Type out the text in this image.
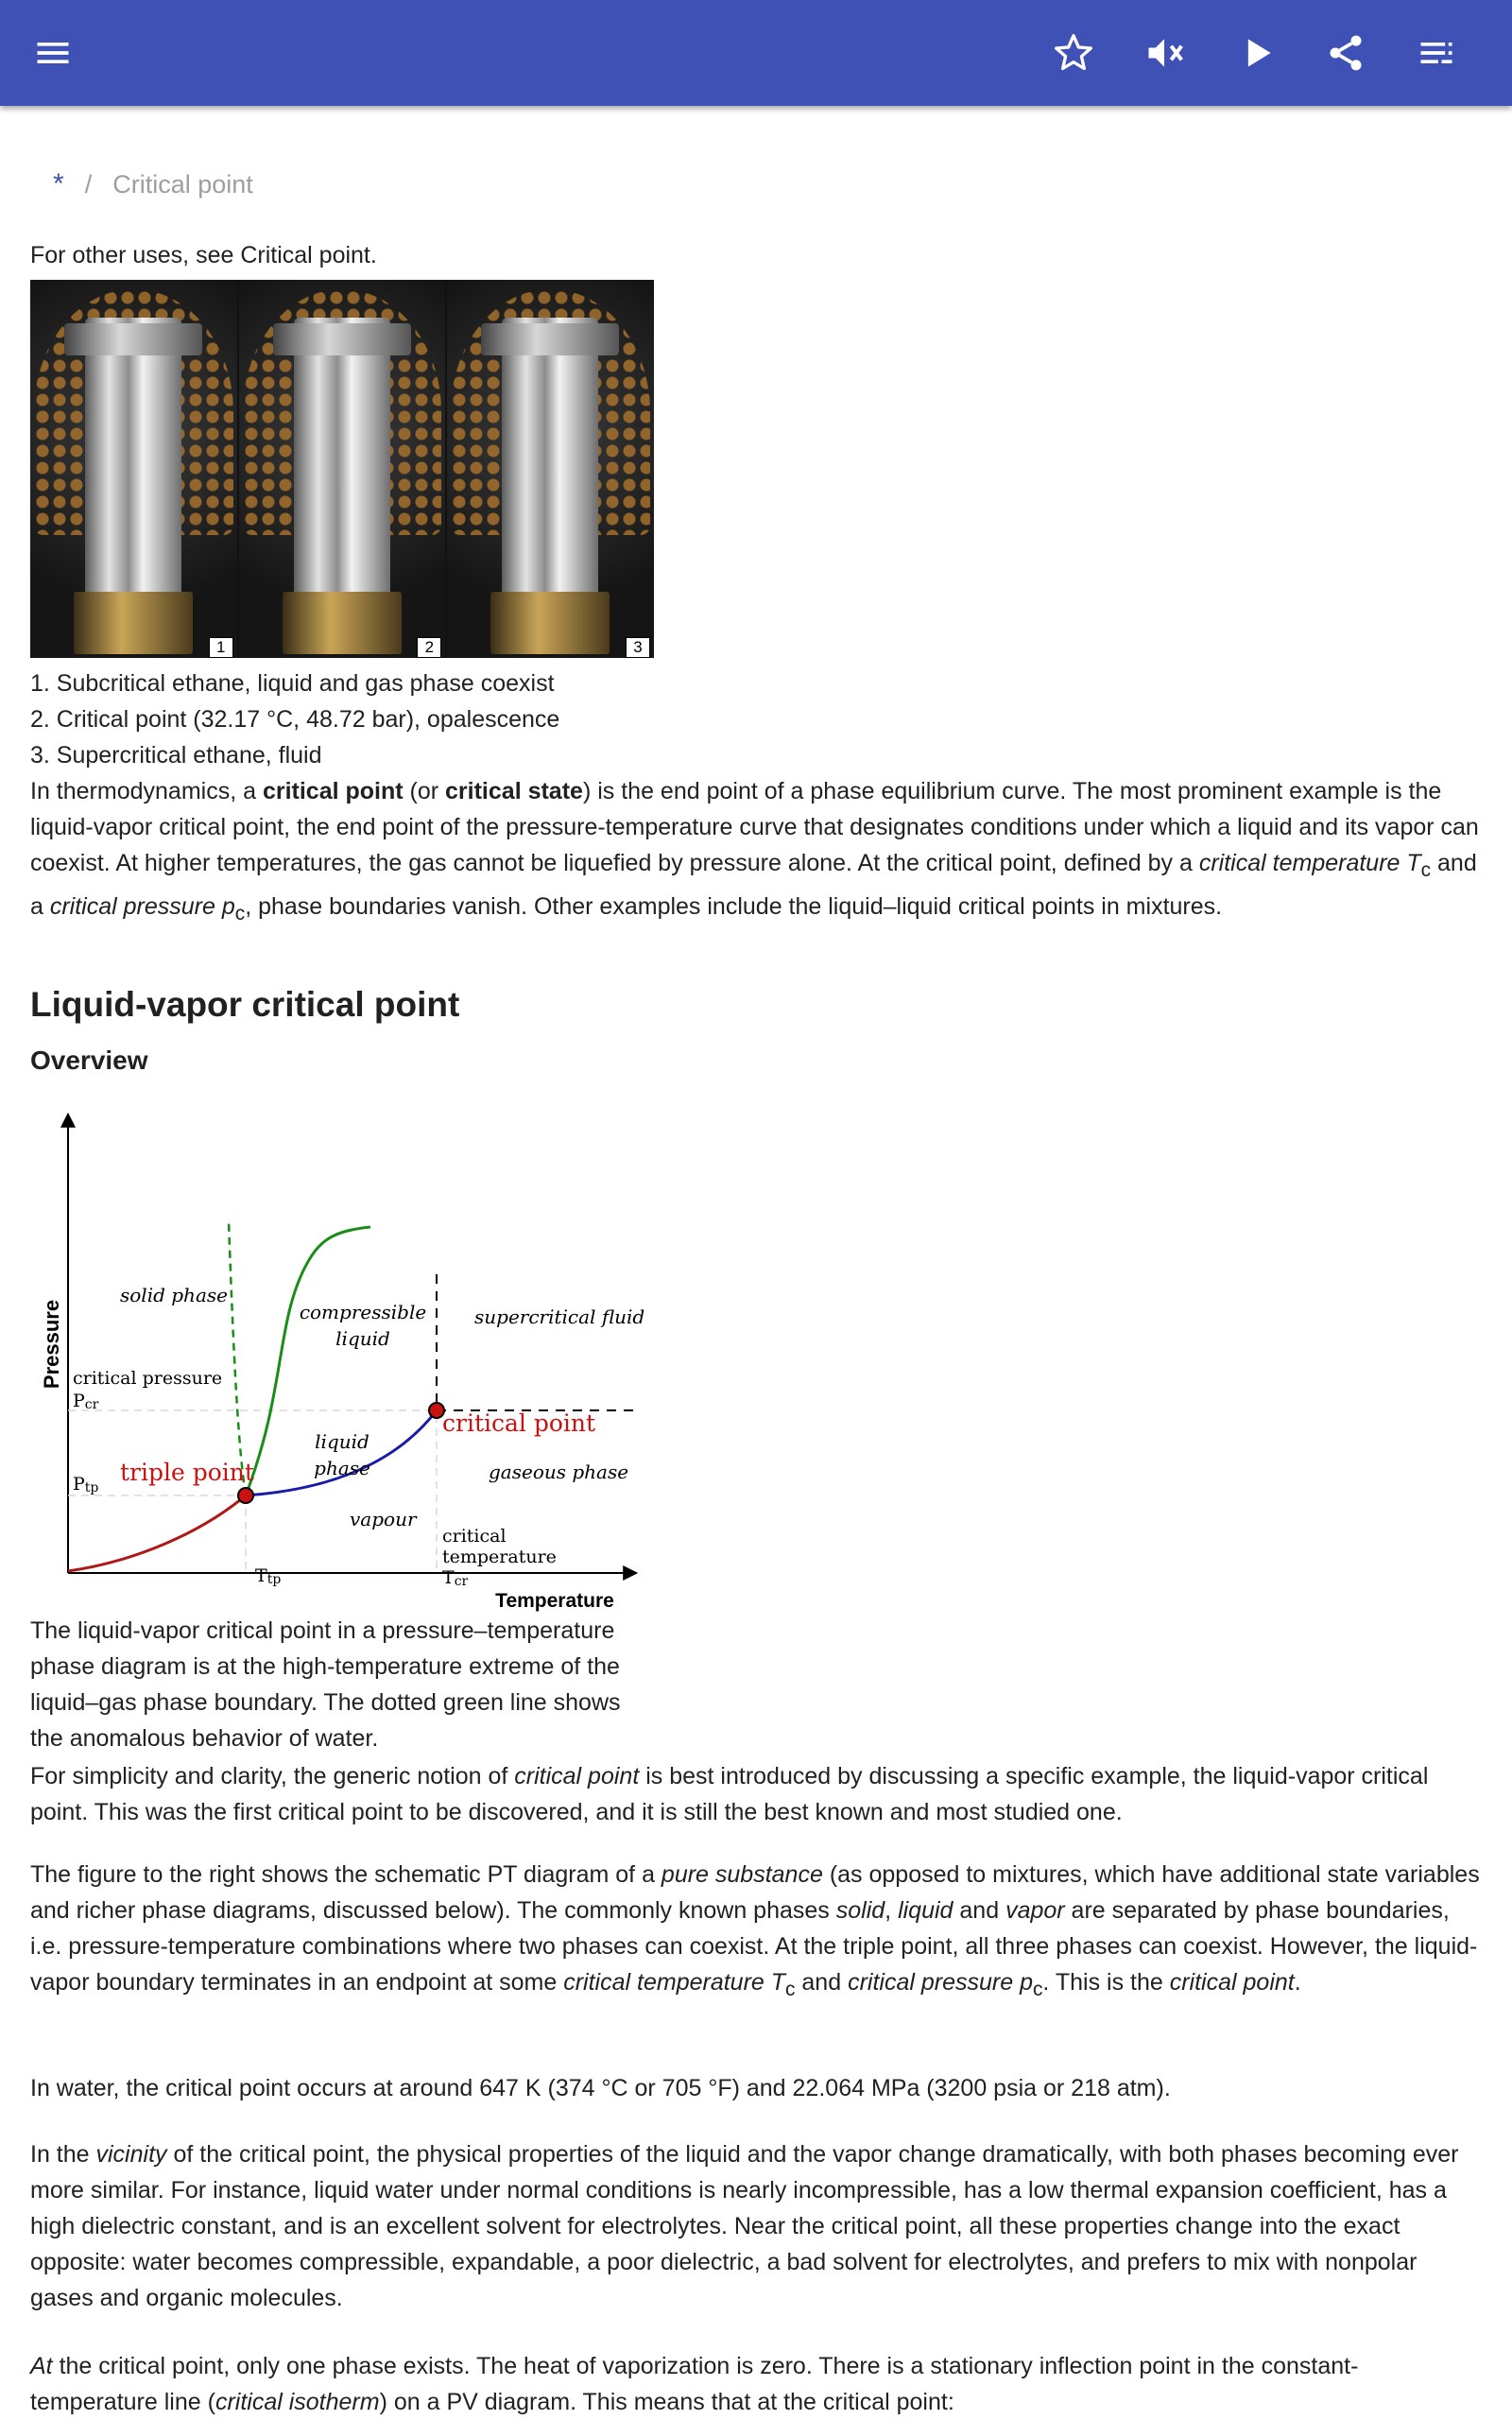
* / Critical point
For other uses, see Critical point.
1	2	3
1. Subcritical ethane, liquid and gas phase coexist
2. Critical point (32.17 °C, 48.72 bar), opalescence
3. Supercritical ethane, fluid

In thermodynamics, a critical point (or critical state) is the end point of a phase equilibrium curve. The most prominent example is the liquid-vapor critical point, the end point of the pressure-temperature curve that designates conditions under which a liquid and its vapor can coexist. At higher temperatures, the gas cannot be liquefied by pressure alone. At the critical point, defined by a critical temperature $T_c$ and a critical pressure $p_c$, phase boundaries vanish. Other examples include the liquid–liquid critical points in mixtures.

Liquid-vapor critical point
Overview
Pressure
Temperature
solid phase
compressible
liquid
supercritical fluid
critical pressure
Pcr
critical point
liquid
phase
triple point
Ptp
gaseous phase
vapour
critical
temperature
Tcr
Ttp

The liquid-vapor critical point in a pressure–temperature phase diagram is at the high-temperature extreme of the liquid–gas phase boundary. The dotted green line shows the anomalous behavior of water.

For simplicity and clarity, the generic notion of critical point is best introduced by discussing a specific example, the liquid-vapor critical point. This was the first critical point to be discovered, and it is still the best known and most studied one.

The figure to the right shows the schematic PT diagram of a pure substance (as opposed to mixtures, which have additional state variables and richer phase diagrams, discussed below). The commonly known phases solid, liquid and vapor are separated by phase boundaries, i.e. pressure-temperature combinations where two phases can coexist. At the triple point, all three phases can coexist. However, the liquid-vapor boundary terminates in an endpoint at some critical temperature $T_c$ and critical pressure $p_c$. This is the critical point.

In water, the critical point occurs at around 647 K (374 °C or 705 °F) and 22.064 MPa (3200 psia or 218 atm).

In the vicinity of the critical point, the physical properties of the liquid and the vapor change dramatically, with both phases becoming ever more similar. For instance, liquid water under normal conditions is nearly incompressible, has a low thermal expansion coefficient, has a high dielectric constant, and is an excellent solvent for electrolytes. Near the critical point, all these properties change into the exact opposite: water becomes compressible, expandable, a poor dielectric, a bad solvent for electrolytes, and prefers to mix with nonpolar gases and organic molecules.

At the critical point, only one phase exists. The heat of vaporization is zero. There is a stationary inflection point in the constant-temperature line (critical isotherm) on a PV diagram. This means that at the critical point:
